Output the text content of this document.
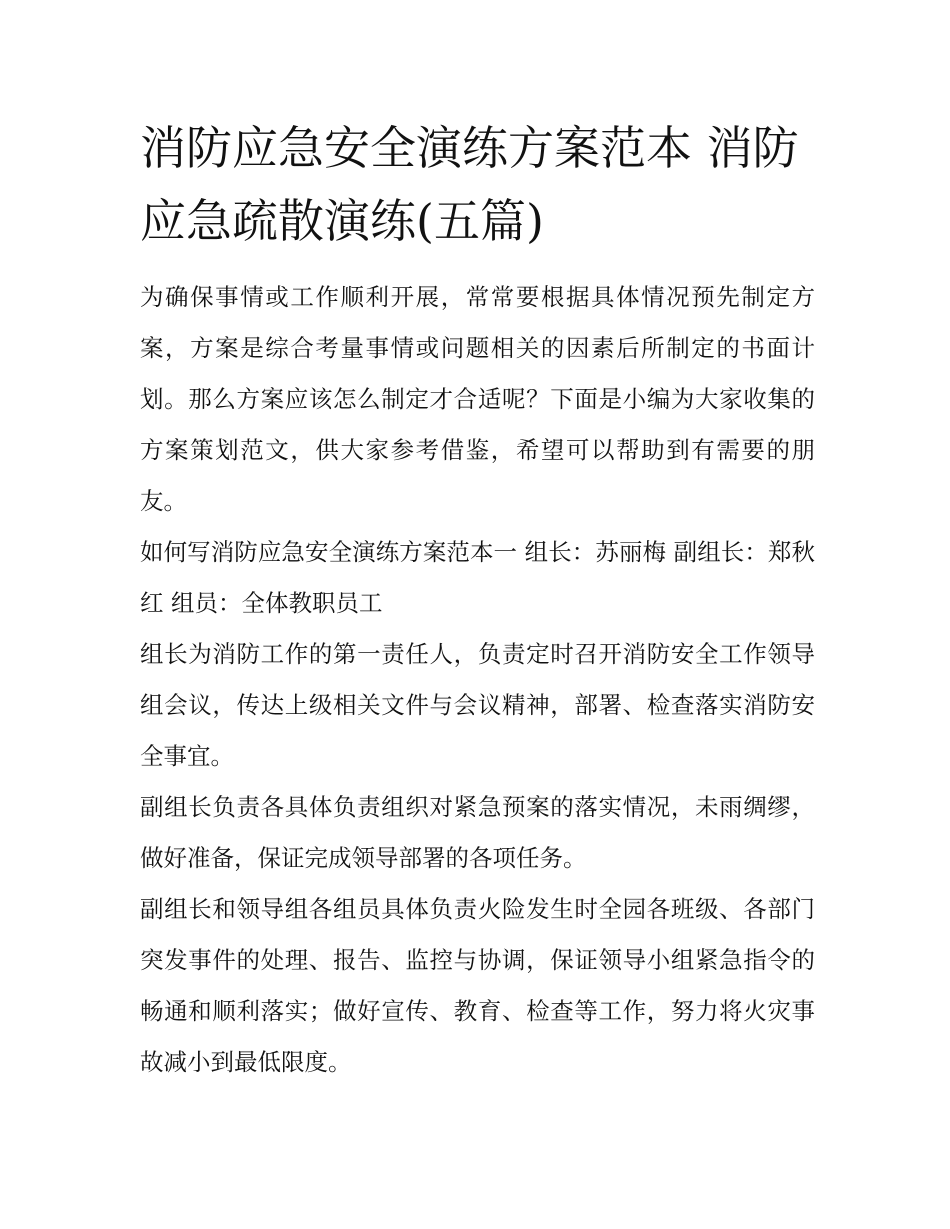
消防应急安全演练方案范本 消防应急疏散演练(五篇)

为确保事情或工作顺利开展，常常要根据具体情况预先制定方案，方案是综合考量事情或问题相关的因素后所制定的书面计划。那么方案应该怎么制定才合适呢？下面是小编为大家收集的方案策划范文，供大家参考借鉴，希望可以帮助到有需要的朋友。

如何写消防应急安全演练方案范本一 组长：苏丽梅 副组长：郑秋红 组员：全体教职员工

组长为消防工作的第一责任人，负责定时召开消防安全工作领导组会议，传达上级相关文件与会议精神，部署、检查落实消防安全事宜。

副组长负责各具体负责组织对紧急预案的落实情况，未雨绸缪，做好准备，保证完成领导部署的各项任务。

副组长和领导组各组员具体负责火险发生时全园各班级、各部门突发事件的处理、报告、监控与协调，保证领导小组紧急指令的畅通和顺利落实；做好宣传、教育、检查等工作，努力将火灾事故减小到最低限度。
